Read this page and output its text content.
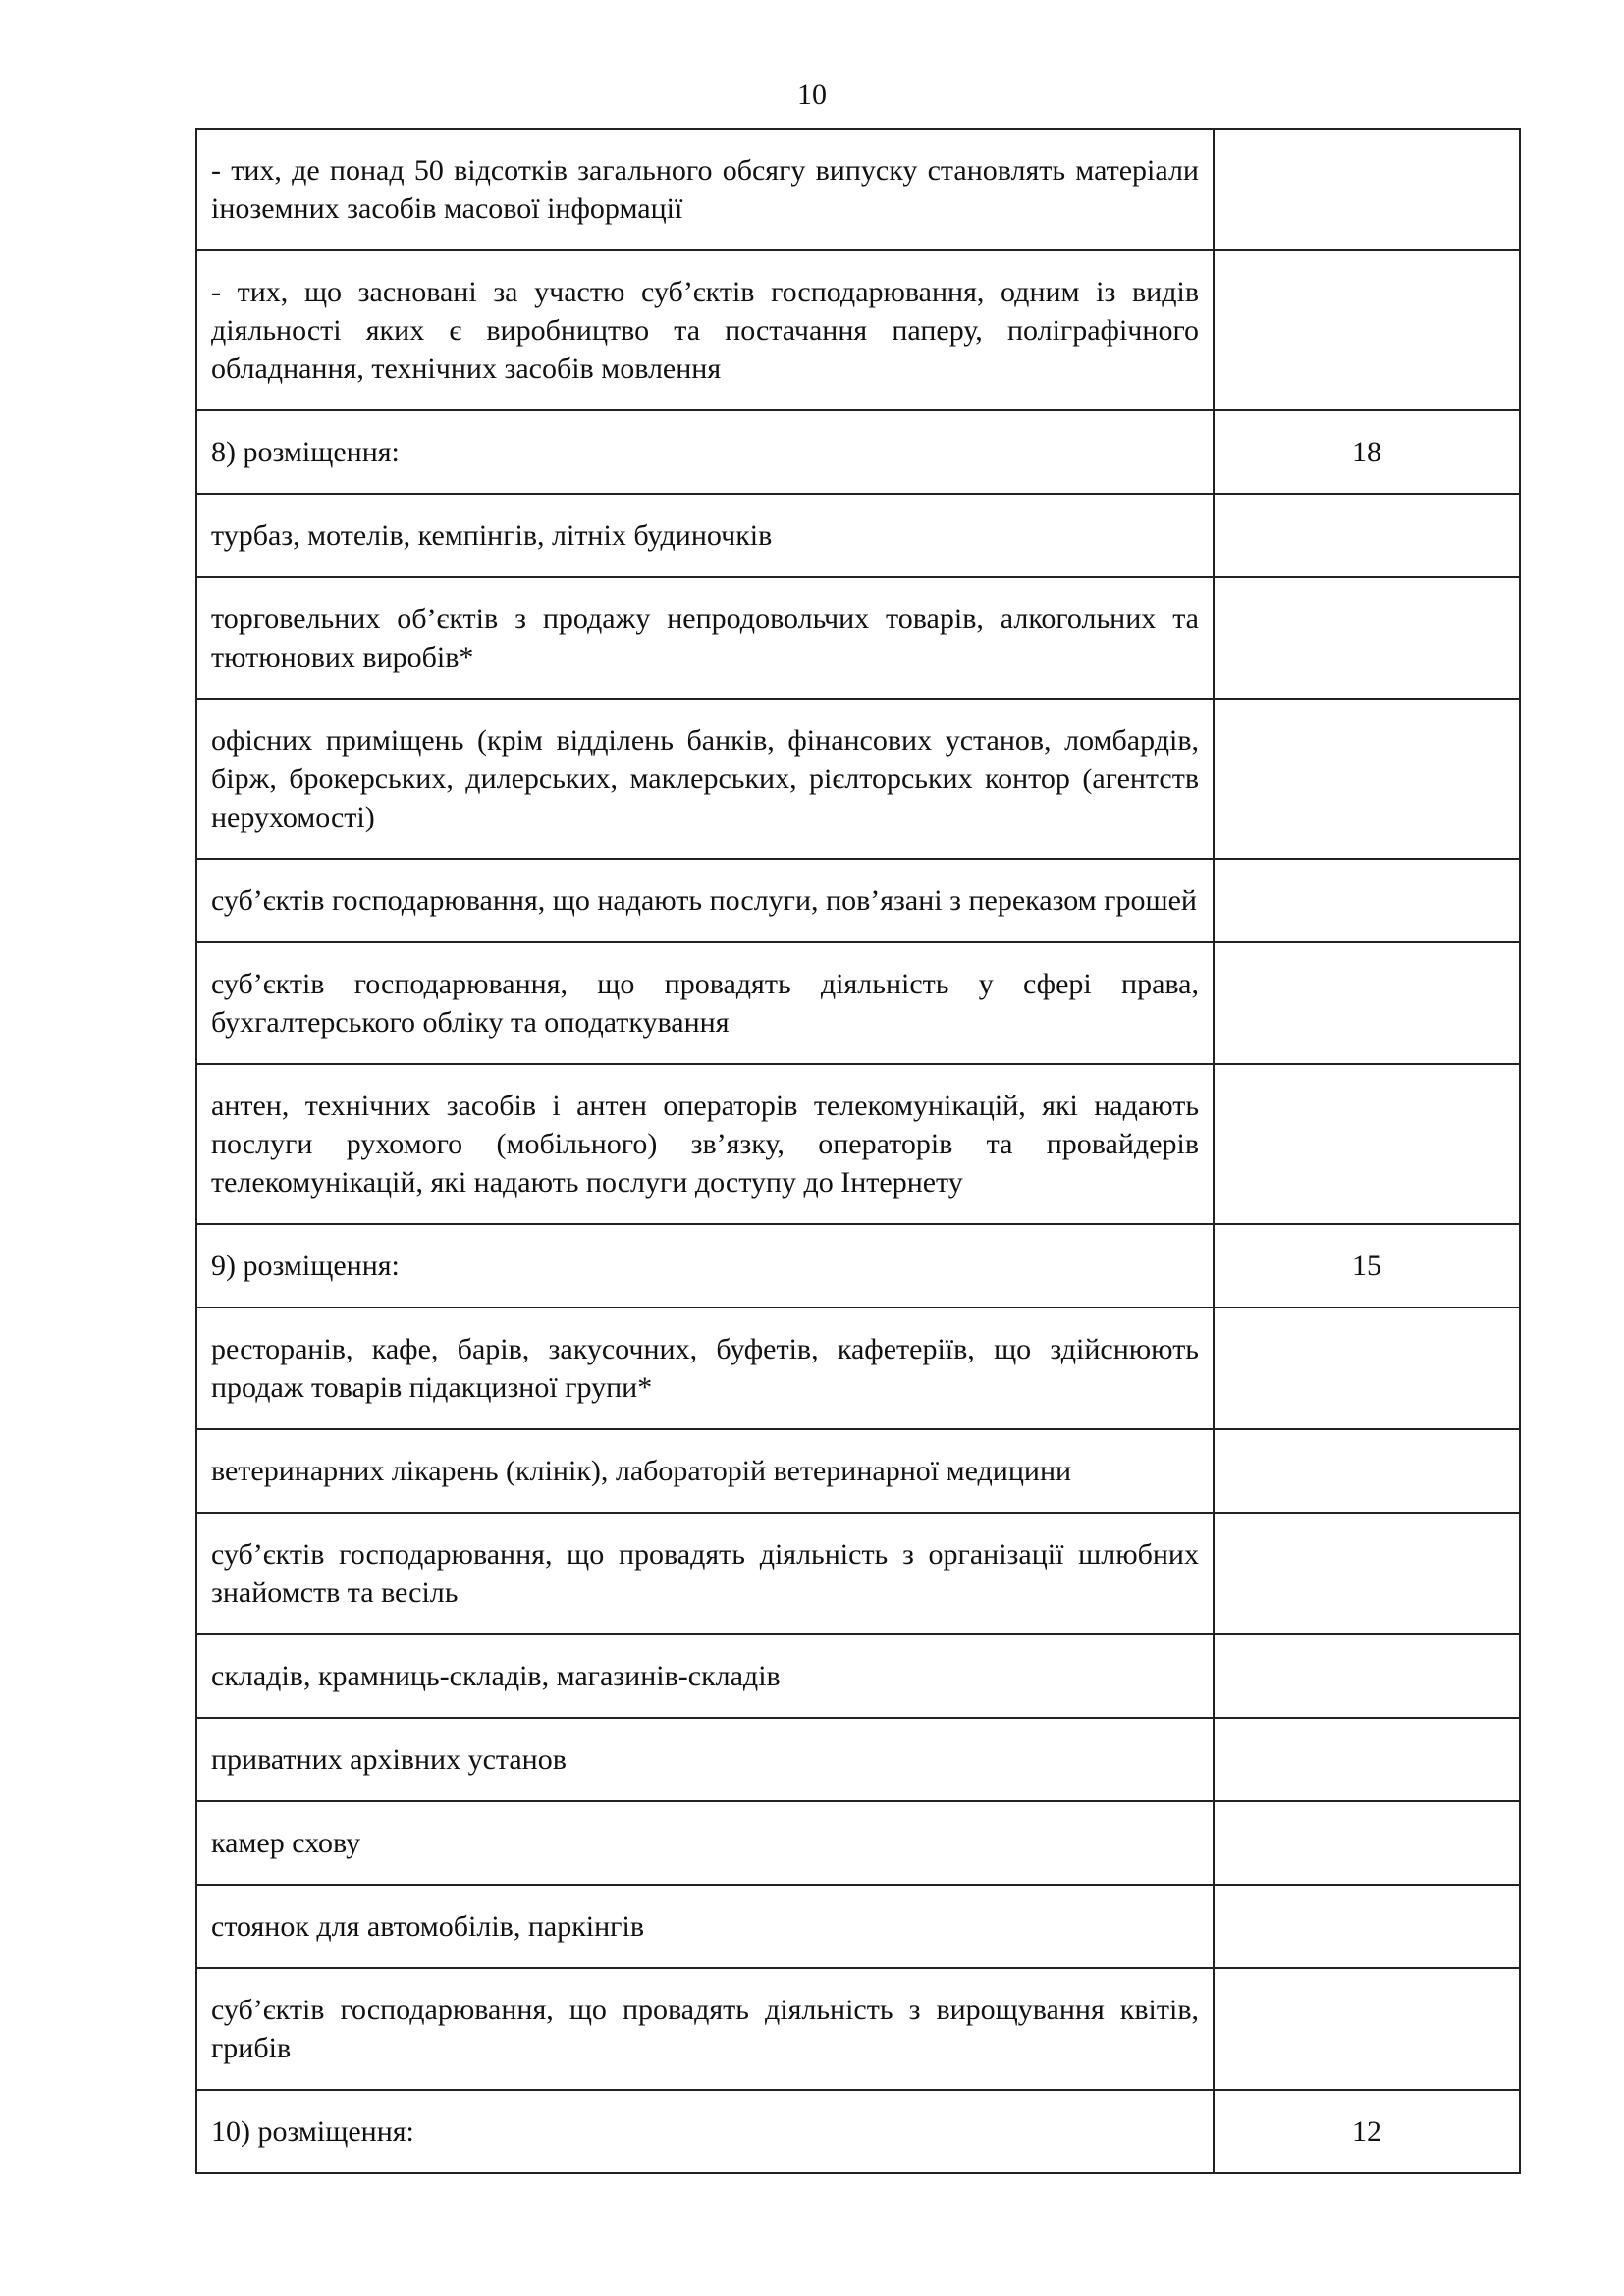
10
- тих, де понад 50 відсотків загального обсягу випуску становлять матеріали іноземних засобів масової інформації	

- тих, що засновані за участю суб’єктів господарювання, одним із видів діяльності яких є виробництво та постачання паперу, поліграфічного обладнання, технічних засобів мовлення	

8) розміщення:	18

турбаз, мотелів, кемпінгів, літніх будиночків	

торговельних об’єктів з продажу непродовольчих товарів, алкогольних та тютюнових виробів*	

офісних приміщень (крім відділень банків, фінансових установ, ломбардів, бірж, брокерських, дилерських, маклерських, рієлторських контор (агентств нерухомості)	

суб’єктів господарювання, що надають послуги, пов’язані з переказом грошей	

суб’єктів господарювання, що провадять діяльність у сфері права, бухгалтерського обліку та оподаткування	

антен, технічних засобів і антен операторів телекомунікацій, які надають послуги рухомого (мобільного) зв’язку, операторів та провайдерів телекомунікацій, які надають послуги доступу до Інтернету	

9) розміщення:	15

ресторанів, кафе, барів, закусочних, буфетів, кафетеріїв, що здійснюють продаж товарів підакцизної групи*	

ветеринарних лікарень (клінік), лабораторій ветеринарної медицини	

суб’єктів господарювання, що провадять діяльність з організації шлюбних знайомств та весіль	

складів, крамниць-складів, магазинів-складів	

приватних архівних установ	

камер схову	

стоянок для автомобілів, паркінгів	

суб’єктів господарювання, що провадять діяльність з вирощування квітів, грибів	

10) розміщення:	12
